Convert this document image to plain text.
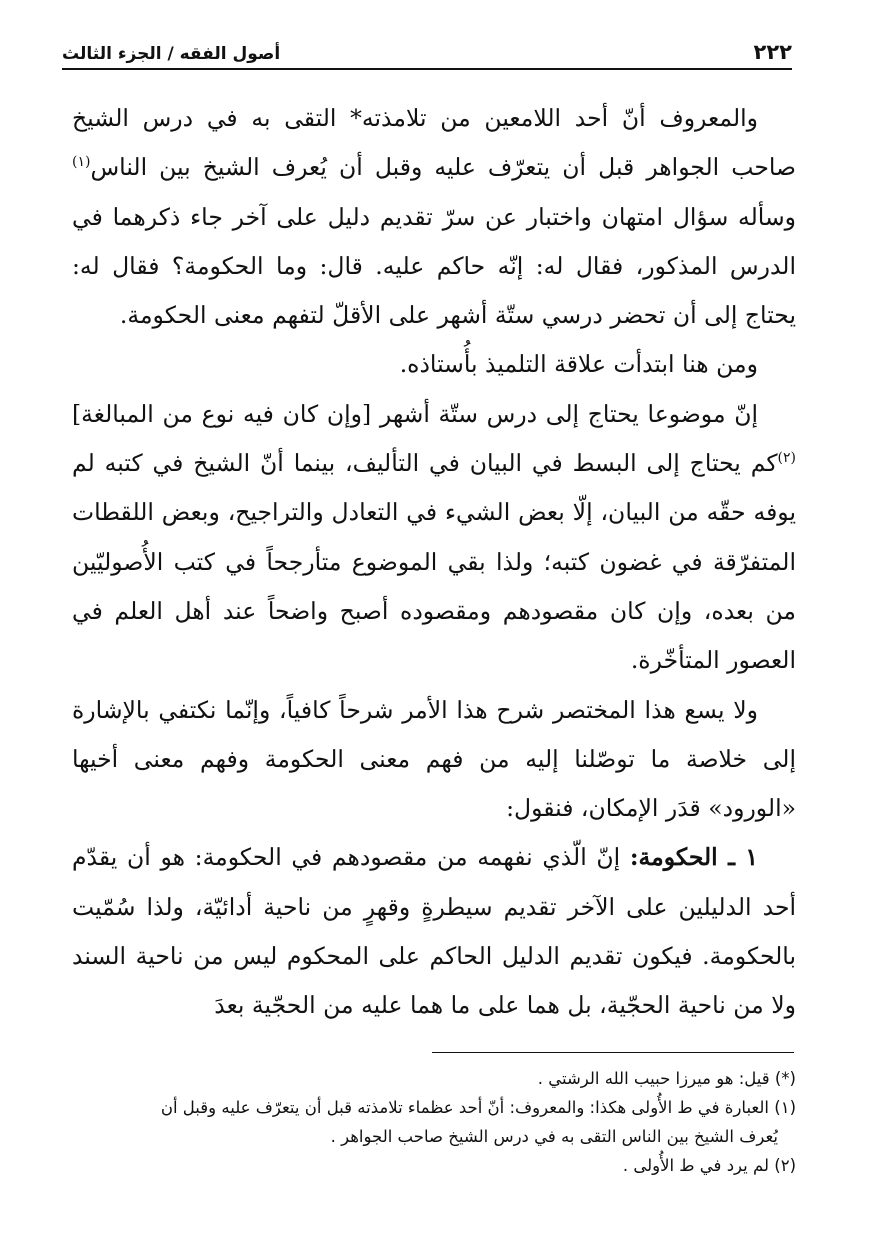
٢٢٢
أصول الفقه / الجزء الثالث

والمعروف أنّ أحد اللامعين من تلامذته* التقى به في درس الشيخ صاحب الجواهر قبل أن يتعرّف عليه وقبل أن يُعرف الشيخ بين الناس$^{(١)}$ وسأله سؤال امتهان واختبار عن سرّ تقديم دليل على آخر جاء ذكرهما في الدرس المذكور، فقال له: إنّه حاكم عليه. قال: وما الحكومة؟ فقال له: يحتاج إلى أن تحضر درسي ستّة أشهر على الأقلّ لتفهم معنى الحكومة.

ومن هنا ابتدأت علاقة التلميذ بأُستاذه.

إنّ موضوعا يحتاج إلى درس ستّة أشهر [وإن كان فيه نوع من المبالغة]$^{(٢)}$كم يحتاج إلى البسط في البيان في التأليف، بينما أنّ الشيخ في كتبه لم يوفه حقّه من البيان، إلّا بعض الشيء في التعادل والتراجيح، وبعض اللقطات المتفرّقة في غضون كتبه؛ ولذا بقي الموضوع متأرجحاً في كتب الأُصوليّين من بعده، وإن كان مقصودهم ومقصوده أصبح واضحاً عند أهل العلم في العصور المتأخّرة.

ولا يسع هذا المختصر شرح هذا الأمر شرحاً كافياً، وإنّما نكتفي بالإشارة إلى خلاصة ما توصّلنا إليه من فهم معنى الحكومة وفهم معنى أخيها «الورود» قدَر الإمكان، فنقول:

١ ـ الحكومة: إنّ الّذي نفهمه من مقصودهم في الحكومة: هو أن يقدّم أحد الدليلين على الآخر تقديم سيطرةٍ وقهرٍ من ناحية أدائيّة، ولذا سُمّيت بالحكومة. فيكون تقديم الدليل الحاكم على المحكوم ليس من ناحية السند ولا من ناحية الحجّية، بل هما على ما هما عليه من الحجّية بعدَ

(*) قيل: هو ميرزا حبيب الله الرشتي .
(١) العبارة في ط الأُولى هكذا: والمعروف: أنّ أحد عظماء تلامذته قبل أن يتعرّف عليه وقبل أن
يُعرف الشيخ بين الناس التقى به في درس الشيخ صاحب الجواهر .
(٢) لم يرد في ط الأُولى .
